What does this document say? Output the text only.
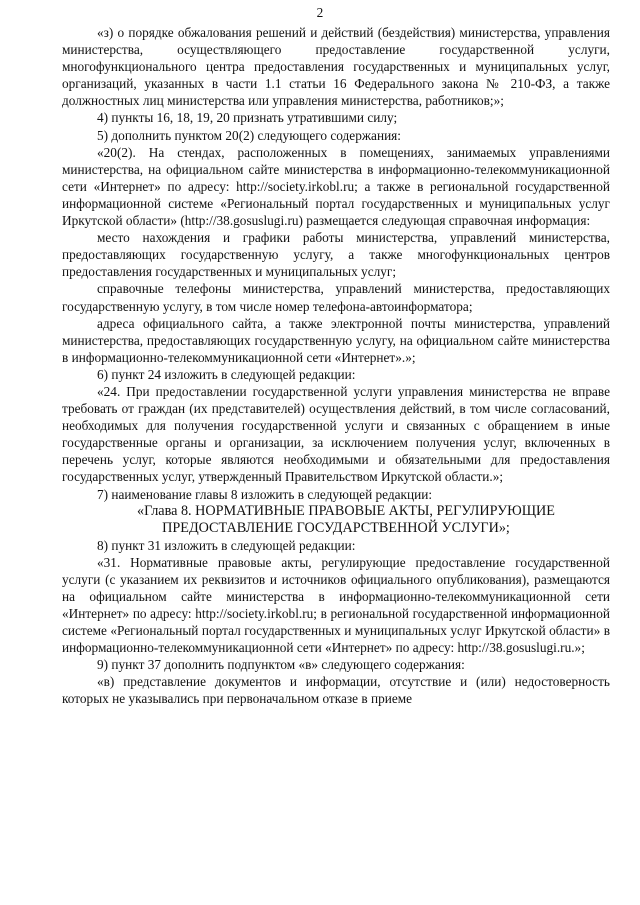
2

«з) о порядке обжалования решений и действий (бездействия) министерства, управления министерства, осуществляющего предоставление государственной услуги, многофункционального центра предоставления государственных и муниципальных услуг, организаций, указанных в части 1.1 статьи 16 Федерального закона № 210-ФЗ, а также должностных лиц министерства или управления министерства, работников;»;

4) пункты 16, 18, 19, 20 признать утратившими силу;

5) дополнить пунктом 20(2) следующего содержания:

«20(2). На стендах, расположенных в помещениях, занимаемых управлениями министерства, на официальном сайте министерства в информационно-телекоммуникационной сети «Интернет» по адресу: http://society.irkobl.ru; а также в региональной государственной информационной системе «Региональный портал государственных и муниципальных услуг Иркутской области» (http://38.gosuslugi.ru) размещается следующая справочная информация:

место нахождения и графики работы министерства, управлений министерства, предоставляющих государственную услугу, а также многофункциональных центров предоставления государственных и муниципальных услуг;

справочные телефоны министерства, управлений министерства, предоставляющих государственную услугу, в том числе номер телефона-автоинформатора;

адреса официального сайта, а также электронной почты министерства, управлений министерства, предоставляющих государственную услугу, на официальном сайте министерства в информационно-телекоммуникационной сети «Интернет».»;

6) пункт 24 изложить в следующей редакции:

«24. При предоставлении государственной услуги управления министерства не вправе требовать от граждан (их представителей) осуществления действий, в том числе согласований, необходимых для получения государственной услуги и связанных с обращением в иные государственные органы и организации, за исключением получения услуг, включенных в перечень услуг, которые являются необходимыми и обязательными для предоставления государственных услуг, утвержденный Правительством Иркутской области.»;

7) наименование главы 8 изложить в следующей редакции:

«Глава 8. НОРМАТИВНЫЕ ПРАВОВЫЕ АКТЫ, РЕГУЛИРУЮЩИЕ
ПРЕДОСТАВЛЕНИЕ ГОСУДАРСТВЕННОЙ УСЛУГИ»;

8) пункт 31 изложить в следующей редакции:

«31. Нормативные правовые акты, регулирующие предоставление государственной услуги (с указанием их реквизитов и источников официального опубликования), размещаются на официальном сайте министерства в информационно-телекоммуникационной сети «Интернет» по адресу: http://society.irkobl.ru; в региональной государственной информационной системе «Региональный портал государственных и муниципальных услуг Иркутской области» в информационно-телекоммуникационной сети «Интернет» по адресу: http://38.gosuslugi.ru.»;

9) пункт 37 дополнить подпунктом «в» следующего содержания:

«в) представление документов и информации, отсутствие и (или) недостоверность которых не указывались при первоначальном отказе в приеме
